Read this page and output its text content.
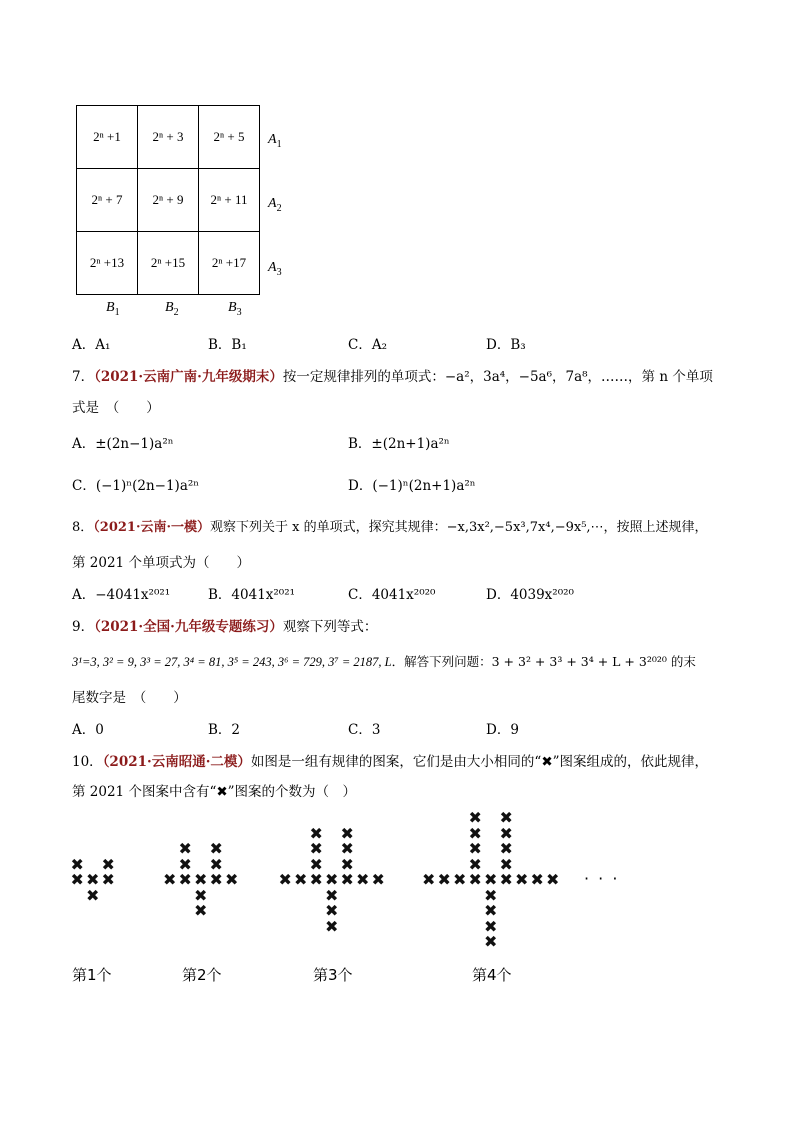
2ⁿ +1	2ⁿ + 3	2ⁿ + 5
2ⁿ + 7	2ⁿ + 9	2ⁿ + 11
2ⁿ +13	2ⁿ +15	2ⁿ +17
$A_1$
$A_2$
$A_3$
$B_1$	$B_2$	$B_3$
A．A₁	B．B₁	C．A₂	D．B₃
7．（2021·云南广南·九年级期末）按一定规律排列的单项式：−a²，3a⁴，−5a⁶，7a⁸，……，第 n 个单项
式是　（　　）
A．±(2n−1)a²ⁿ	B．±(2n+1)a²ⁿ
C．(−1)ⁿ(2n−1)a²ⁿ	D．(−1)ⁿ(2n+1)a²ⁿ
8．（2021·云南·一模）观察下列关于 x 的单项式，探究其规律：−x,3x²,−5x³,7x⁴,−9x⁵,⋯，按照上述规律，
第 2021 个单项式为（　　）
A．−4041x²⁰²¹	B．4041x²⁰²¹	C．4041x²⁰²⁰	D．4039x²⁰²⁰
9．（2021·全国·九年级专题练习）观察下列等式：
3¹=3, 3² = 9, 3³ = 27, 3⁴ = 81, 3⁵ = 243, 3⁶ = 729, 3⁷ = 2187, L．解答下列问题：3 + 3² + 3³ + 3⁴ + L + 3²⁰²⁰ 的末
尾数字是　（　　）
A．0	B．2	C．3	D．9
10．（2021·云南昭通·二模）如图是一组有规律的图案，它们是由大小相同的“✖”图案组成的，依此规律，
第 2021 个图案中含有“✖”图案的个数为（　）
✖ ✖ ✖
✖
✖ ✖
✖ ✖ ✖ ✖ ✖
✖
✖
✖ ✖
✖ ✖
✖ ✖ ✖ ✖ ✖ ✖ ✖
✖
✖
✖
✖ ✖
✖ ✖
✖ ✖
✖ ✖ ✖ ✖ ✖ ✖ ✖ ✖ ✖
✖
✖
✖
✖
✖ ✖
✖ ✖
✖ ✖
✖ ✖
· · ·
第1个	第2个	第3个	第4个
